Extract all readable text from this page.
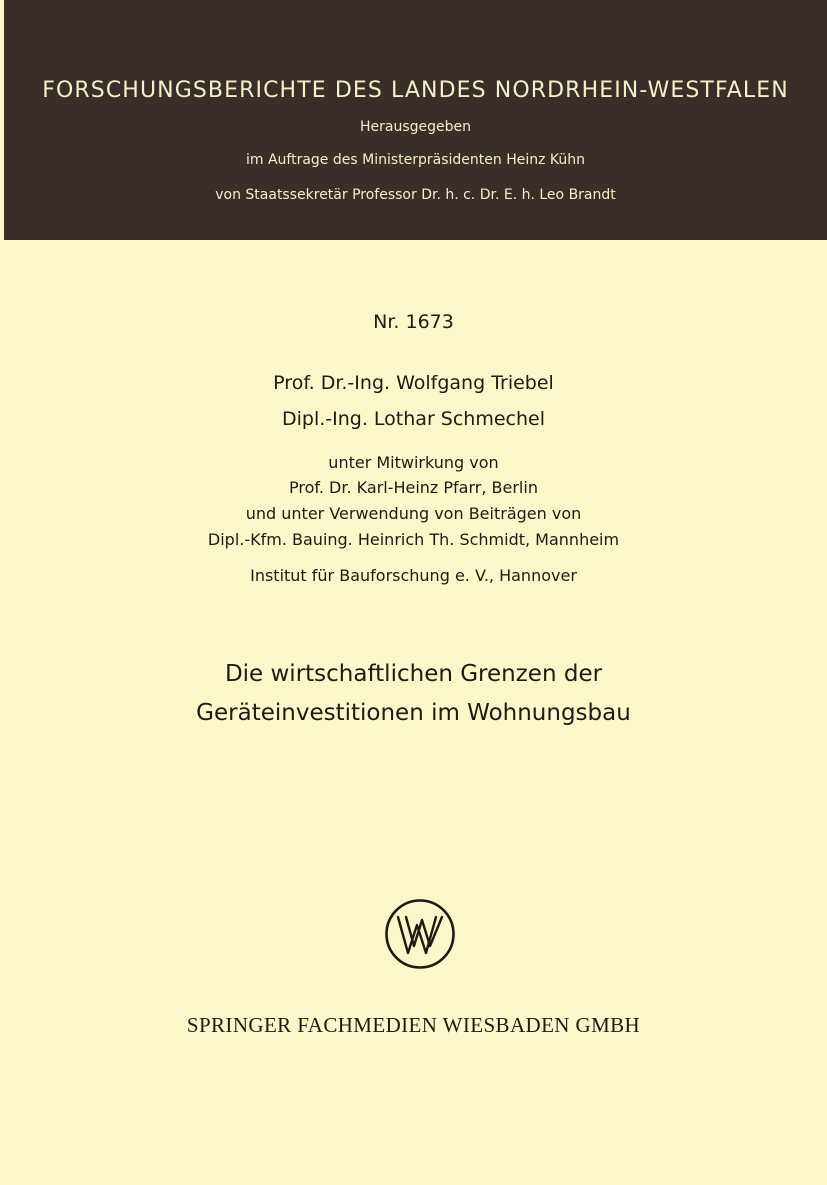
FORSCHUNGSBERICHTE DES LANDES NORDRHEIN-WESTFALEN
Herausgegeben
im Auftrage des Ministerpräsidenten Heinz Kühn
von Staatssekretär Professor Dr. h. c. Dr. E. h. Leo Brandt
Nr. 1673
Prof. Dr.-Ing. Wolfgang Triebel
Dipl.-Ing. Lothar Schmechel
unter Mitwirkung von
Prof. Dr. Karl-Heinz Pfarr, Berlin
und unter Verwendung von Beiträgen von
Dipl.-Kfm. Bauing. Heinrich Th. Schmidt, Mannheim
Institut für Bauforschung e. V., Hannover
Die wirtschaftlichen Grenzen der
Geräteinvestitionen im Wohnungsbau
SPRINGER FACHMEDIEN WIESBADEN GMBH
